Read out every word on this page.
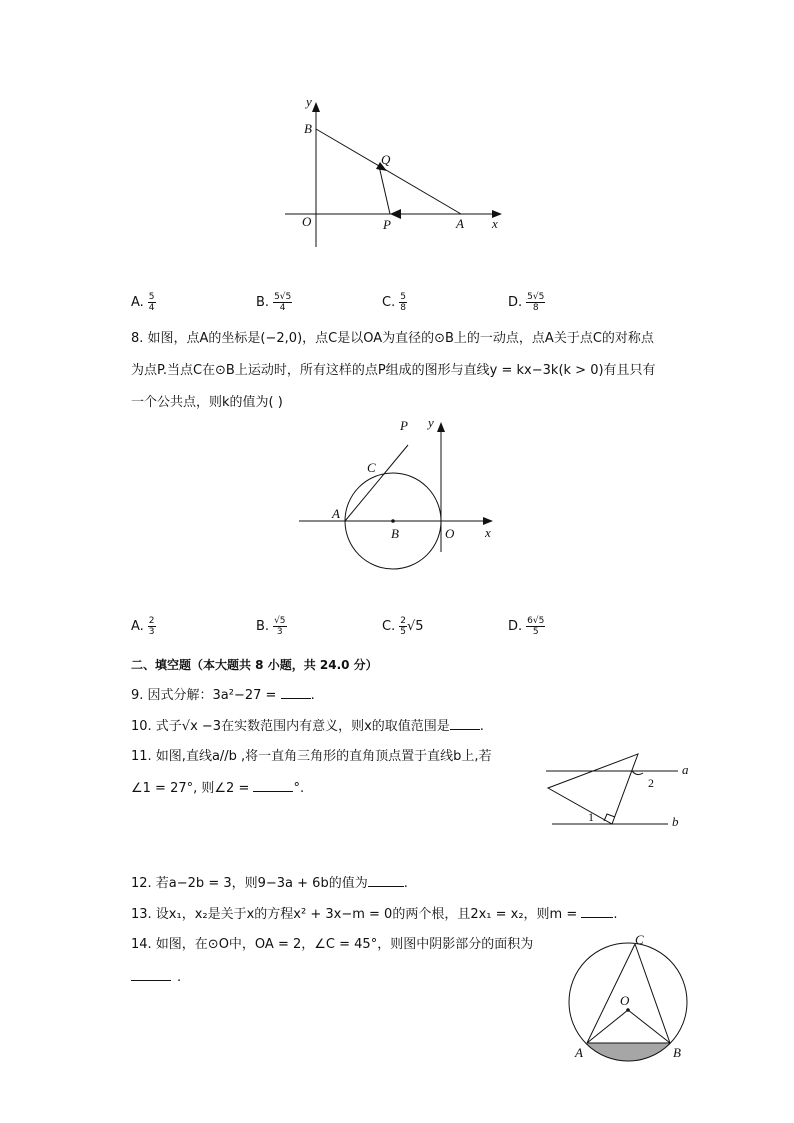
y
B
Q
O	P	A x
A. $\frac{5}{4}$	B. $\frac{5√5}{4}$	C. $\frac{5}{8}$	D. $\frac{5√5}{8}$
8. 如图，点A的坐标是(−2,0)，点C是以OA为直径的⊙B上的一动点，点A关于点C的对称点
为点P.当点C在⊙B上运动时，所有这样的点P组成的图形与直线y = kx−3k(k > 0)有且只有
一个公共点，则k的值为( )
P y
C
A
B	O x
A. $\frac{2}{3}$	B. $\frac{√5}{3}$	C. $\frac{2}{5} √5$	D. $\frac{6√5}{5}$
二、填空题（本大题共 8 小题，共 24.0 分）
9. 因式分解：3a²−27 = .
10. 式子√x −3在实数范围内有意义，则x的取值范围是 .
11. 如图,直线a//b ,将一直角三角形的直角顶点置于直线b上,若
∠1 = 27°, 则∠2 =	°.
a
b
1
2
12. 若a−2b = 3，则9−3a + 6b的值为	.
13. 设x₁，x₂是关于x的方程x² + 3x−m = 0的两个根，且2x₁ = x₂，则m = .
14. 如图，在⊙O中，OA = 2，∠C = 45°，则图中阴影部分的面积为
.
C
O
A	B
